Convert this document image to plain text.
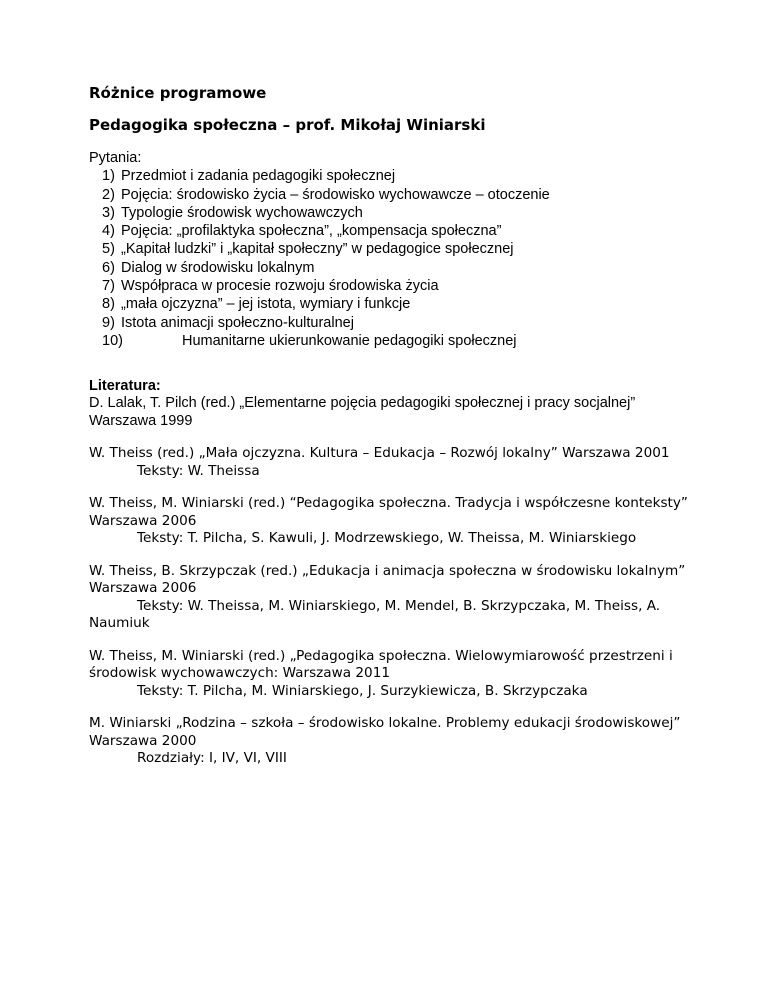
Różnice programowe

Pedagogika społeczna – prof. Mikołaj Winiarski

Pytania:

1) Przedmiot i zadania pedagogiki społecznej
2) Pojęcia: środowisko życia – środowisko wychowawcze – otoczenie
3) Typologie środowisk wychowawczych
4) Pojęcia: „profilaktyka społeczna”, „kompensacja społeczna”
5) „Kapitał ludzki” i „kapitał społeczny” w pedagogice społecznej
6) Dialog w środowisku lokalnym
7) Współpraca w procesie rozwoju środowiska życia
8) „mała ojczyzna” – jej istota, wymiary i funkcje
9) Istota animacji społeczno-kulturalnej
10)	Humanitarne ukierunkowanie pedagogiki społecznej

Literatura:

D. Lalak, T. Pilch (red.) „Elementarne pojęcia pedagogiki społecznej i pracy socjalnej” Warszawa 1999

W. Theiss (red.) „Mała ojczyzna. Kultura – Edukacja – Rozwój lokalny” Warszawa 2001
Teksty: W. Theissa

W. Theiss, M. Winiarski (red.) “Pedagogika społeczna. Tradycja i współczesne konteksty” Warszawa 2006
Teksty: T. Pilcha, S. Kawuli, J. Modrzewskiego, W. Theissa, M. Winiarskiego

W. Theiss, B. Skrzypczak (red.) „Edukacja i animacja społeczna w środowisku lokalnym” Warszawa 2006
Teksty: W. Theissa, M. Winiarskiego, M. Mendel, B. Skrzypczaka, M. Theiss, A. Naumiuk

W. Theiss, M. Winiarski (red.) „Pedagogika społeczna. Wielowymiarowość przestrzeni i środowisk wychowawczych: Warszawa 2011
Teksty: T. Pilcha, M. Winiarskiego, J. Surzykiewicza, B. Skrzypczaka

M. Winiarski „Rodzina – szkoła – środowisko lokalne. Problemy edukacji środowiskowej” Warszawa 2000
Rozdziały: I, IV, VI, VIII
